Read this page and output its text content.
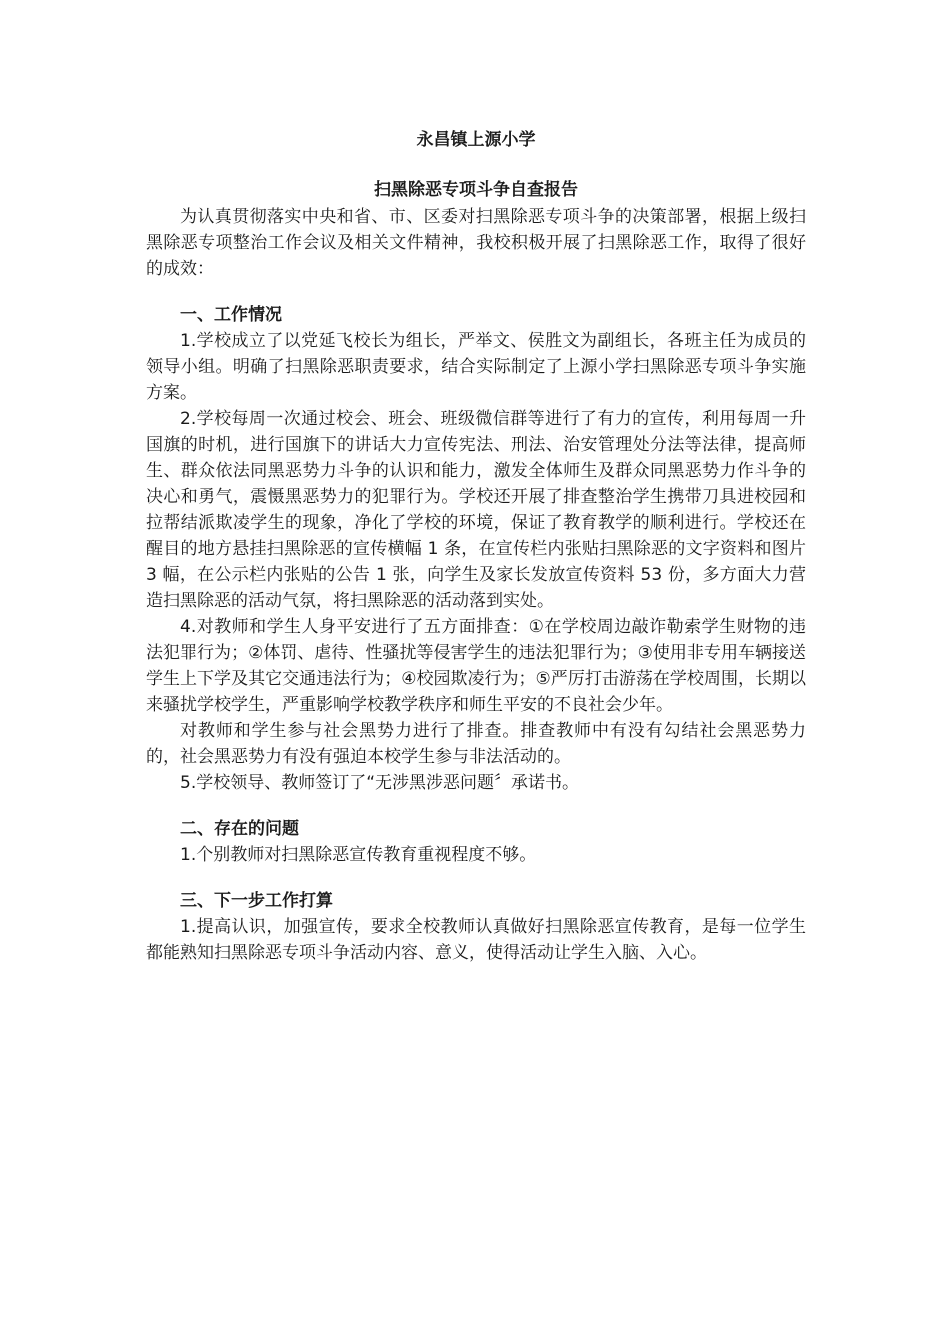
永昌镇上源小学
扫黑除恶专项斗争自查报告

为认真贯彻落实中央和省、市、区委对扫黑除恶专项斗争的决策部署，根据上级扫黑除恶专项整治工作会议及相关文件精神，我校积极开展了扫黑除恶工作，取得了很好的成效：

一、工作情况

1.学校成立了以党延飞校长为组长，严举文、侯胜文为副组长，各班主任为成员的领导小组。明确了扫黑除恶职责要求，结合实际制定了上源小学扫黑除恶专项斗争实施方案。

2.学校每周一次通过校会、班会、班级微信群等进行了有力的宣传，利用每周一升国旗的时机，进行国旗下的讲话大力宣传宪法、刑法、治安管理处分法等法律，提高师生、群众依法同黑恶势力斗争的认识和能力，激发全体师生及群众同黑恶势力作斗争的决心和勇气，震慑黑恶势力的犯罪行为。学校还开展了排查整治学生携带刀具进校园和拉帮结派欺凌学生的现象，净化了学校的环境，保证了教育教学的顺利进行。学校还在醒目的地方悬挂扫黑除恶的宣传横幅 1 条，在宣传栏内张贴扫黑除恶的文字资料和图片 3 幅，在公示栏内张贴的公告 1 张，向学生及家长发放宣传资料 53 份，多方面大力营造扫黑除恶的活动气氛，将扫黑除恶的活动落到实处。

4.对教师和学生人身平安进行了五方面排查：①在学校周边敲诈勒索学生财物的违法犯罪行为；②体罚、虐待、性骚扰等侵害学生的违法犯罪行为；③使用非专用车辆接送学生上下学及其它交通违法行为；④校园欺凌行为；⑤严厉打击游荡在学校周围，长期以来骚扰学校学生，严重影响学校教学秩序和师生平安的不良社会少年。

对教师和学生参与社会黑势力进行了排查。排查教师中有没有勾结社会黑恶势力的，社会黑恶势力有没有强迫本校学生参与非法活动的。

5.学校领导、教师签订了“无涉黑涉恶问题〞承诺书。

二、存在的问题

1.个别教师对扫黑除恶宣传教育重视程度不够。

三、下一步工作打算

1.提高认识，加强宣传，要求全校教师认真做好扫黑除恶宣传教育，是每一位学生都能熟知扫黑除恶专项斗争活动内容、意义，使得活动让学生入脑、入心。
